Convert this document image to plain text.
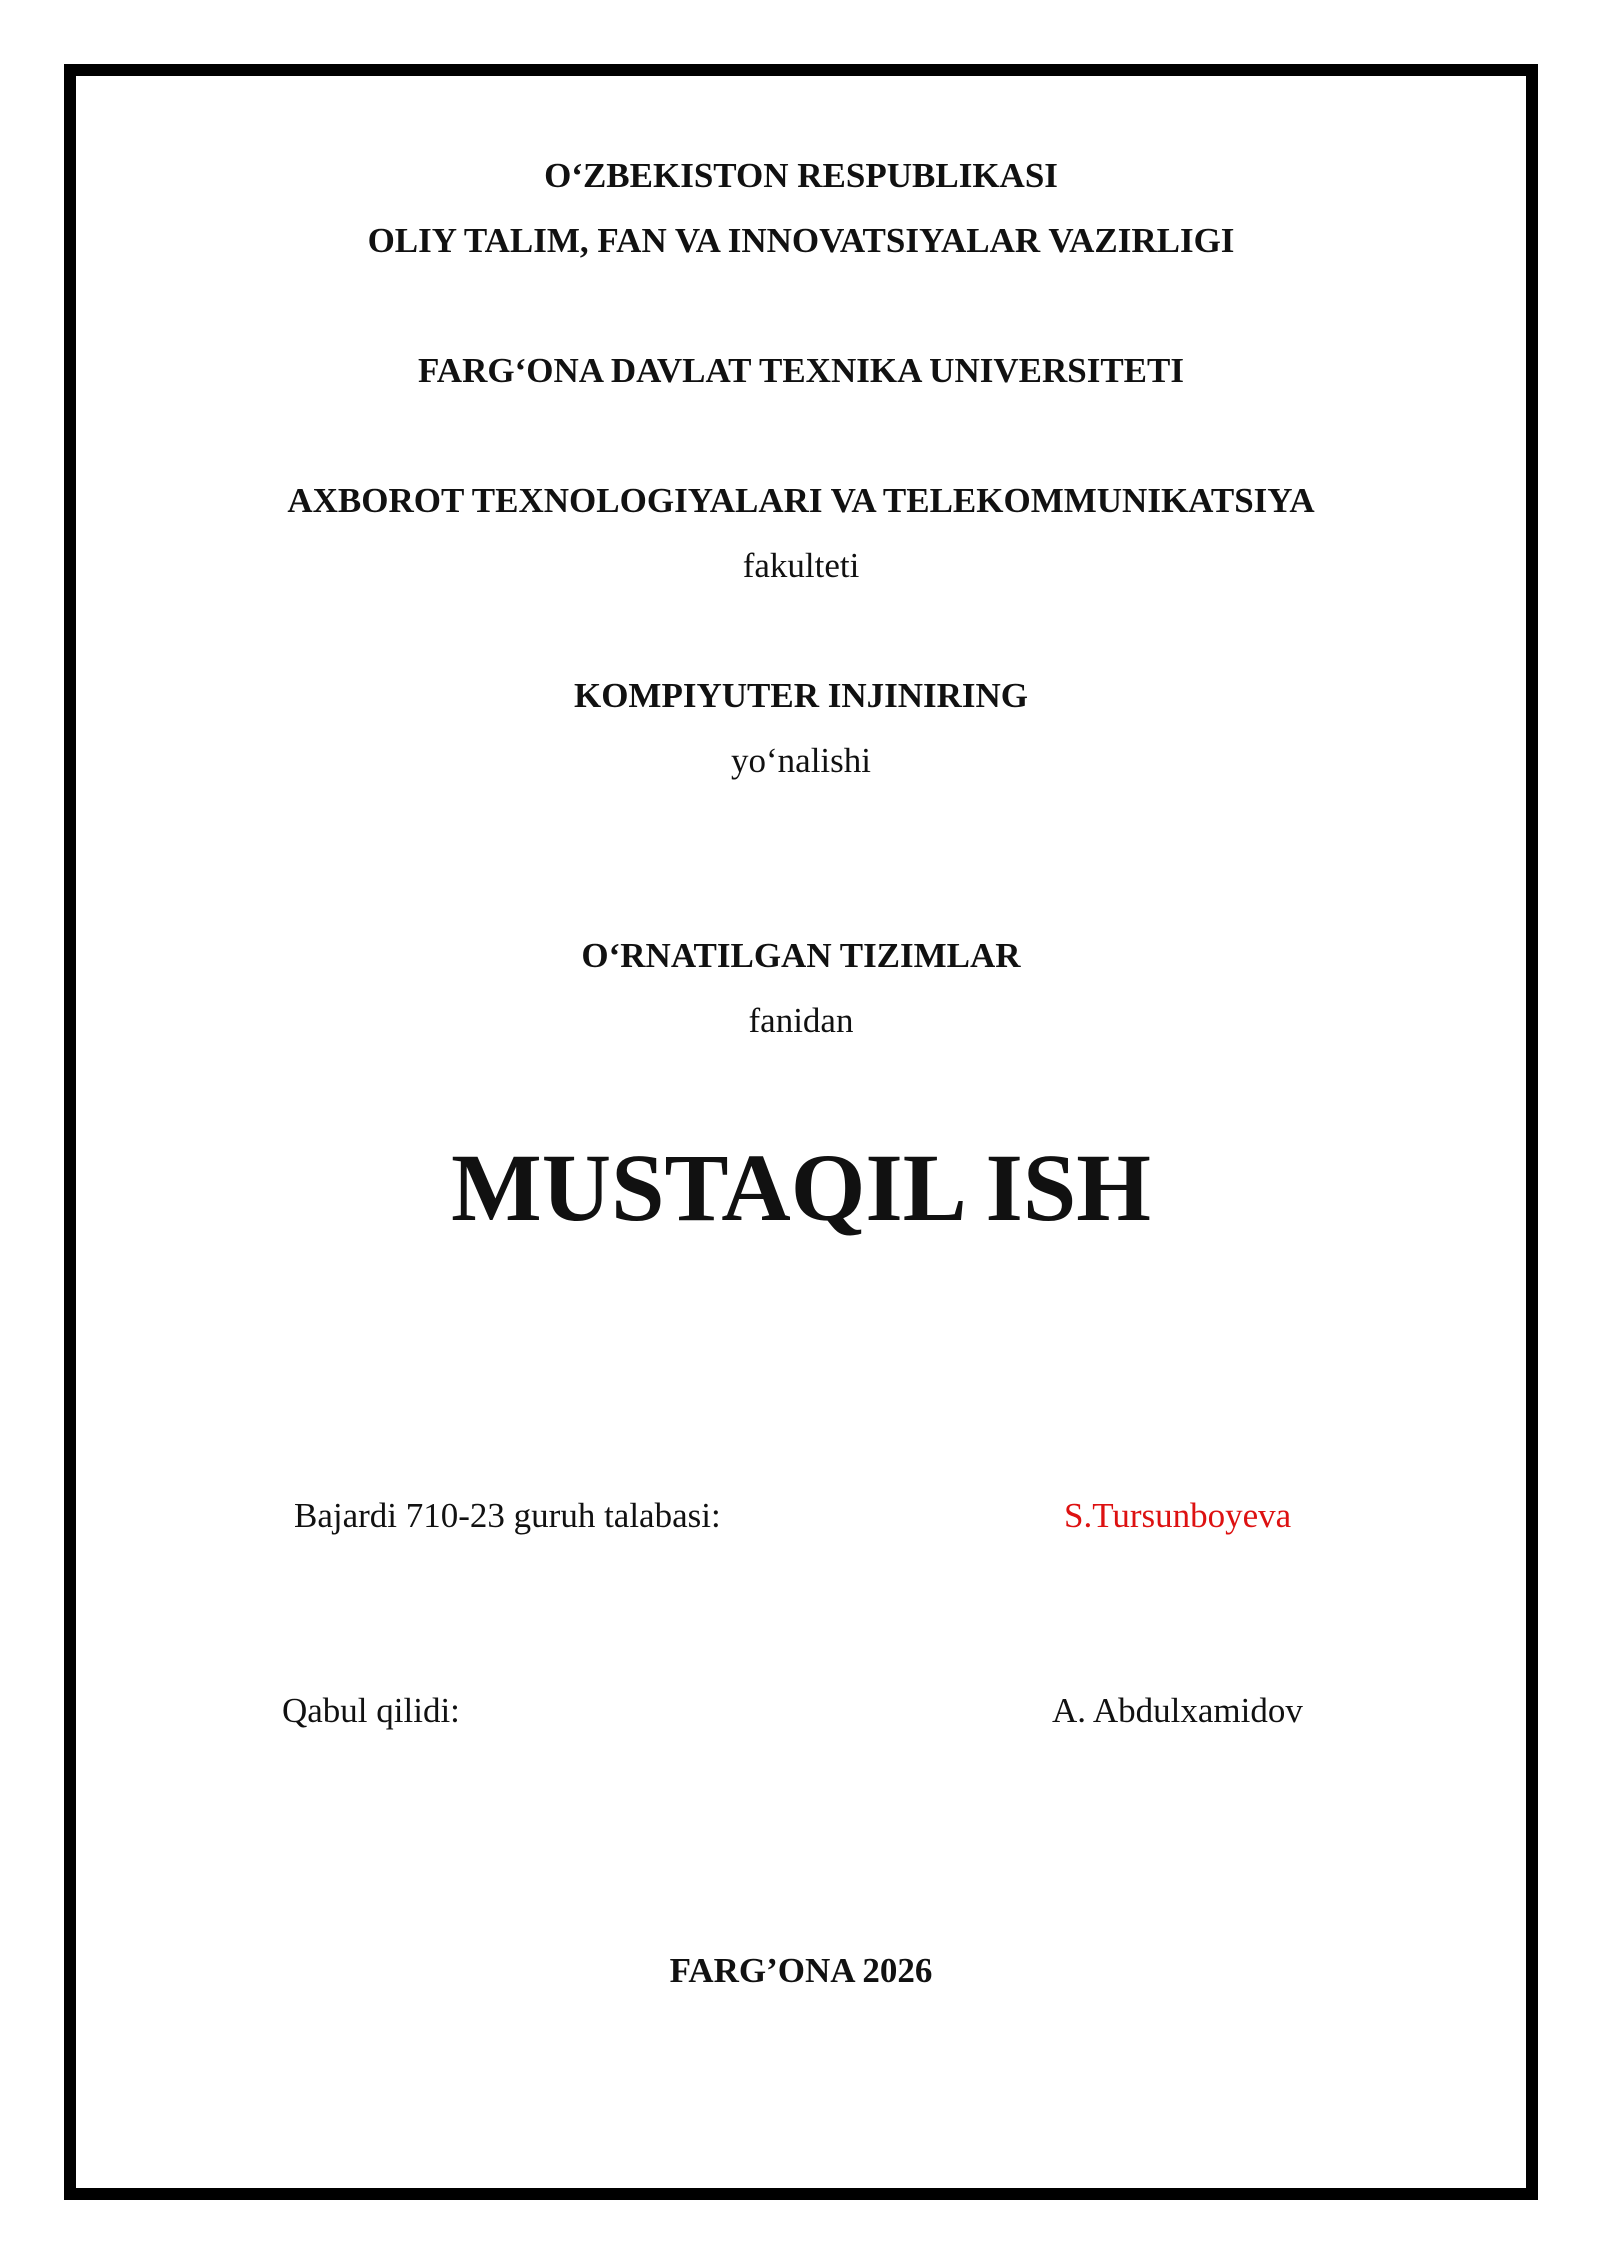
O‘ZBEKISTON RESPUBLIKASI
OLIY TALIM, FAN VA INNOVATSIYALAR VAZIRLIGI
FARG‘ONA DAVLAT TEXNIKA UNIVERSITETI
AXBOROT TEXNOLOGIYALARI VA TELEKOMMUNIKATSIYA
fakulteti
KOMPIYUTER INJINIRING
yo‘nalishi
O‘RNATILGAN TIZIMLAR
fanidan
MUSTAQIL ISH
Bajardi 710-23 guruh talabasi:	S.Tursunboyeva
Qabul qilidi:	A. Abdulxamidov
FARG’ONA 2026
